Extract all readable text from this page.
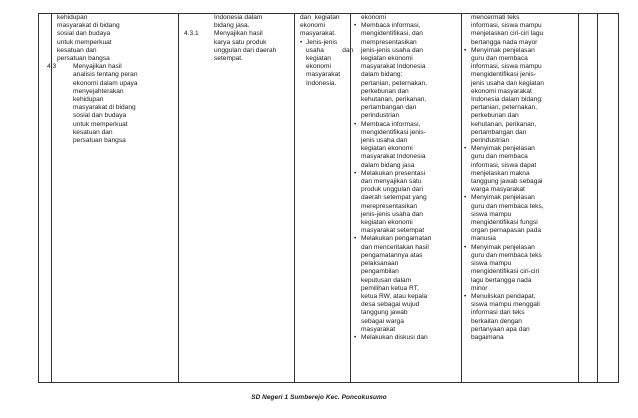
kehidupan
masyarakat di bidang
sosial dan budaya
untuk memperkuat
kesatuan dan
persatuan bangsa
4.3	Menyajikan hasil
analisis tentang peran
ekonomi dalam upaya
menyejahterakan
kehidupan
masyarakat di bidang
sosial dan budaya
untuk memperkuat
kesatuan dan
persatuan bangsa
Indonesia dalam
bidang jasa.
4.3.1 Menyajikan hasil
karya satu produk
unggulan dari daerah
setempat.
dan  kegiatan
ekonomi
masyarakat.
• Jenis-jenis
usaha          dan
kegiatan
ekonomi
masyarakat
Indonesia.
ekonomi
• Membaca informasi,
mengidentifikasi, dan
mempresentasikan
jenis-jenis usaha dan
kegiatan ekonomi
masyarakat Indonesia
dalam bidang:
pertanian, peternakan,
perkebunan dan
kehutanan, perikanan,
pertambangan dan
perindustrian
• Membaca informasi,
mengidentifikasi jenis-
jenis usaha dan
kegiatan ekonomi
masyarakat Indonesia
dalam bidang jasa
• Melakukan presentasi
dan menyajikan satu
produk unggulan dari
daerah setempat yang
merepresentasikan
jenis-jenis usaha dan
kegiatan ekonomi
masyarakat setempat
• Melakukan pengamatan
dan menceritakan hasil
pengamatannya atas
pelaksanaan
pengambilan
keputusan dalam
pemilihan ketua RT,
ketua RW, atau kepala
desa sebagai wujud
tanggung jawab
sebagai warga
masyarakat
• Melakukan diskusi dan
mencermati teks
informasi, siswa mampu
menjelaskan ciri-ciri lagu
bertangga nada mayor
• Menyimak penjelasan
guru dan membaca
informasi, siswa mampu
mengidentifikasi jenis-
jenis usaha dan kegiatan
ekonomi masyarakat
Indonesia dalam bidang:
pertanian, peternakan,
perkebunan dan
kehutanan, perikanan,
pertambangan dan
perindustrian
• Menyimak penjelasan
guru dan membaca
informasi, siswa dapat
menjelaskan makna
tanggung jawab sebagai
warga masyarakat
• Menyimak penjelasan
guru dan membaca teks,
siswa mampu
mengidentifikasi fungsi
organ pernapasan pada
manusia
• Menyimak penjelasan
guru dan membaca teks
siswa mampu
mengidentifikasi ciri-ciri
lagu bertangga nada
minor
• Menuliskan pendapat,
siswa mampu menggali
informasi dari teks
berkaitan dengan
pertanyaan apa dan
bagaimana
SD Negeri 1 Sumberejo Kec. Poncokusumo
